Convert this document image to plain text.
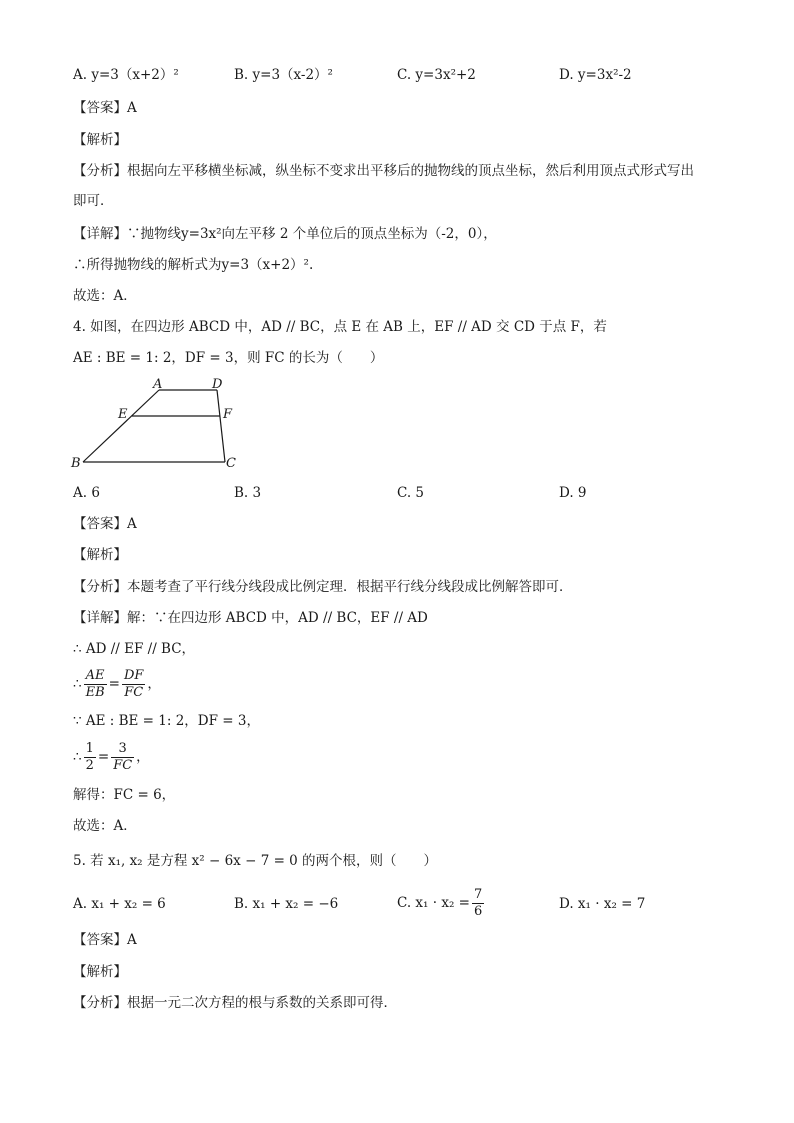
A. y=3（x+2）²	B. y=3（x-2）²	C. y=3x²+2	D. y=3x²-2
【答案】A
【解析】
【分析】根据向左平移横坐标减，纵坐标不变求出平移后的抛物线的顶点坐标，然后利用顶点式形式写出
即可．
【详解】∵抛物线y=3x²向左平移 2 个单位后的顶点坐标为（-2，0），
∴所得抛物线的解析式为y=3（x+2）².
故选：A．
4. 如图，在四边形 ABCD 中，AD // BC，点 E 在 AB 上，EF // AD 交 CD 于点 F，若
AE : BE = 1: 2，DF = 3，则 FC 的长为（　　）
A	D
E	F
B	C
A. 6	B. 3	C. 5	D. 9
【答案】A
【解析】
【分析】本题考查了平行线分线段成比例定理．根据平行线分线段成比例解答即可．
【详解】解：∵在四边形 ABCD 中，AD // BC，EF // AD
∴ AD // EF // BC，
∴ $\frac{AE}{EB} = \frac{DF}{FC}$ ，
∵ AE : BE = 1: 2，DF = 3，
∴ $\frac{1}{2} = \frac{3}{FC}$ ，
解得：FC = 6，
故选：A．
5. 若 x₁, x₂ 是方程 x² − 6x − 7 = 0 的两个根，则（　　）
A. x₁ + x₂ = 6	B. x₁ + x₂ = −6	C. $x_1 \cdot x_2 = \frac{7}{6}$	D. x₁ · x₂ = 7
【答案】A
【解析】
【分析】根据一元二次方程的根与系数的关系即可得．
